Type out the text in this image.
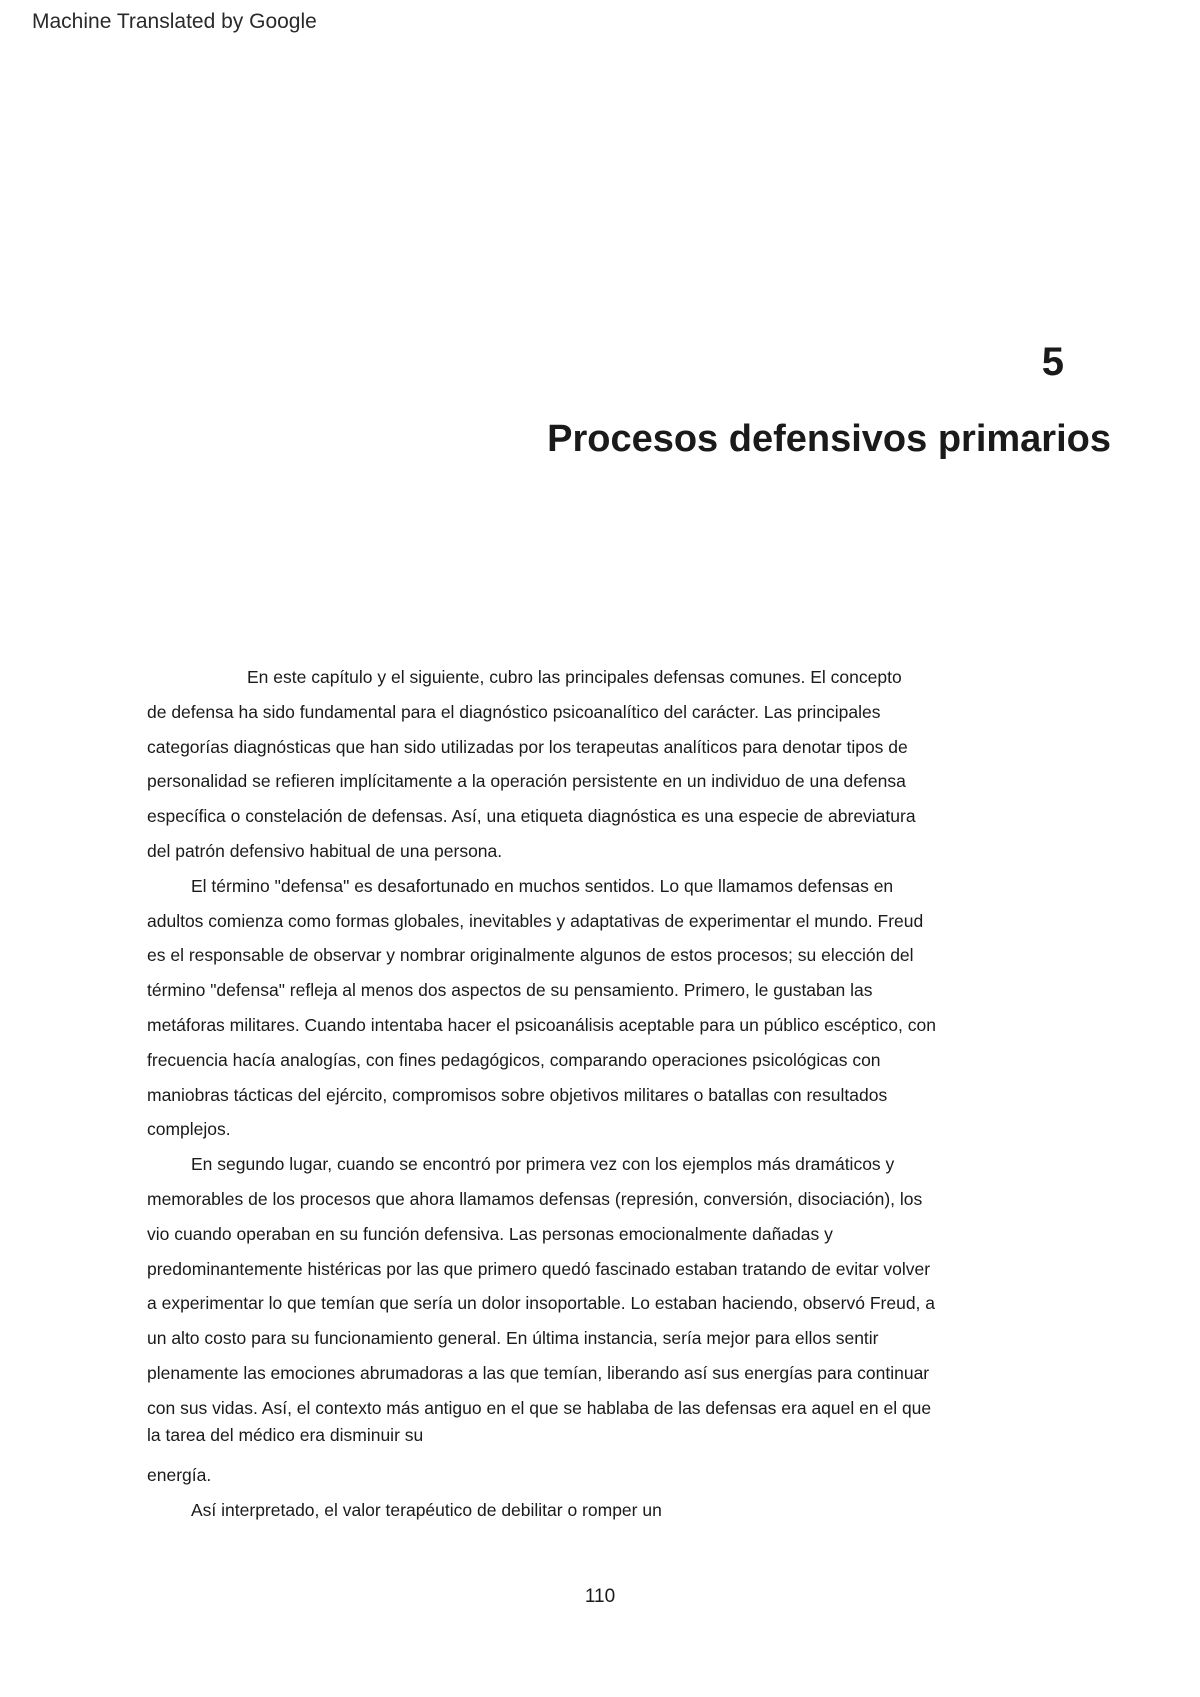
Machine Translated by Google
5
Procesos defensivos primarios
En este capítulo y el siguiente, cubro las principales defensas comunes. El concepto
de defensa ha sido fundamental para el diagnóstico psicoanalítico del carácter. Las principales
categorías diagnósticas que han sido utilizadas por los terapeutas analíticos para denotar tipos de
personalidad se refieren implícitamente a la operación persistente en un individuo de una defensa
específica o constelación de defensas. Así, una etiqueta diagnóstica es una especie de abreviatura
del patrón defensivo habitual de una persona.
El término "defensa" es desafortunado en muchos sentidos. Lo que llamamos defensas en
adultos comienza como formas globales, inevitables y adaptativas de experimentar el mundo. Freud
es el responsable de observar y nombrar originalmente algunos de estos procesos; su elección del
término "defensa" refleja al menos dos aspectos de su pensamiento. Primero, le gustaban las
metáforas militares. Cuando intentaba hacer el psicoanálisis aceptable para un público escéptico, con
frecuencia hacía analogías, con fines pedagógicos, comparando operaciones psicológicas con
maniobras tácticas del ejército, compromisos sobre objetivos militares o batallas con resultados
complejos.
En segundo lugar, cuando se encontró por primera vez con los ejemplos más dramáticos y
memorables de los procesos que ahora llamamos defensas (represión, conversión, disociación), los
vio cuando operaban en su función defensiva. Las personas emocionalmente dañadas y
predominantemente histéricas por las que primero quedó fascinado estaban tratando de evitar volver
a experimentar lo que temían que sería un dolor insoportable. Lo estaban haciendo, observó Freud, a
un alto costo para su funcionamiento general. En última instancia, sería mejor para ellos sentir
plenamente las emociones abrumadoras a las que temían, liberando así sus energías para continuar
con sus vidas. Así, el contexto más antiguo en el que se hablaba de las defensas era aquel en el que
la tarea del médico era disminuir su
energía.
Así interpretado, el valor terapéutico de debilitar o romper un
110
